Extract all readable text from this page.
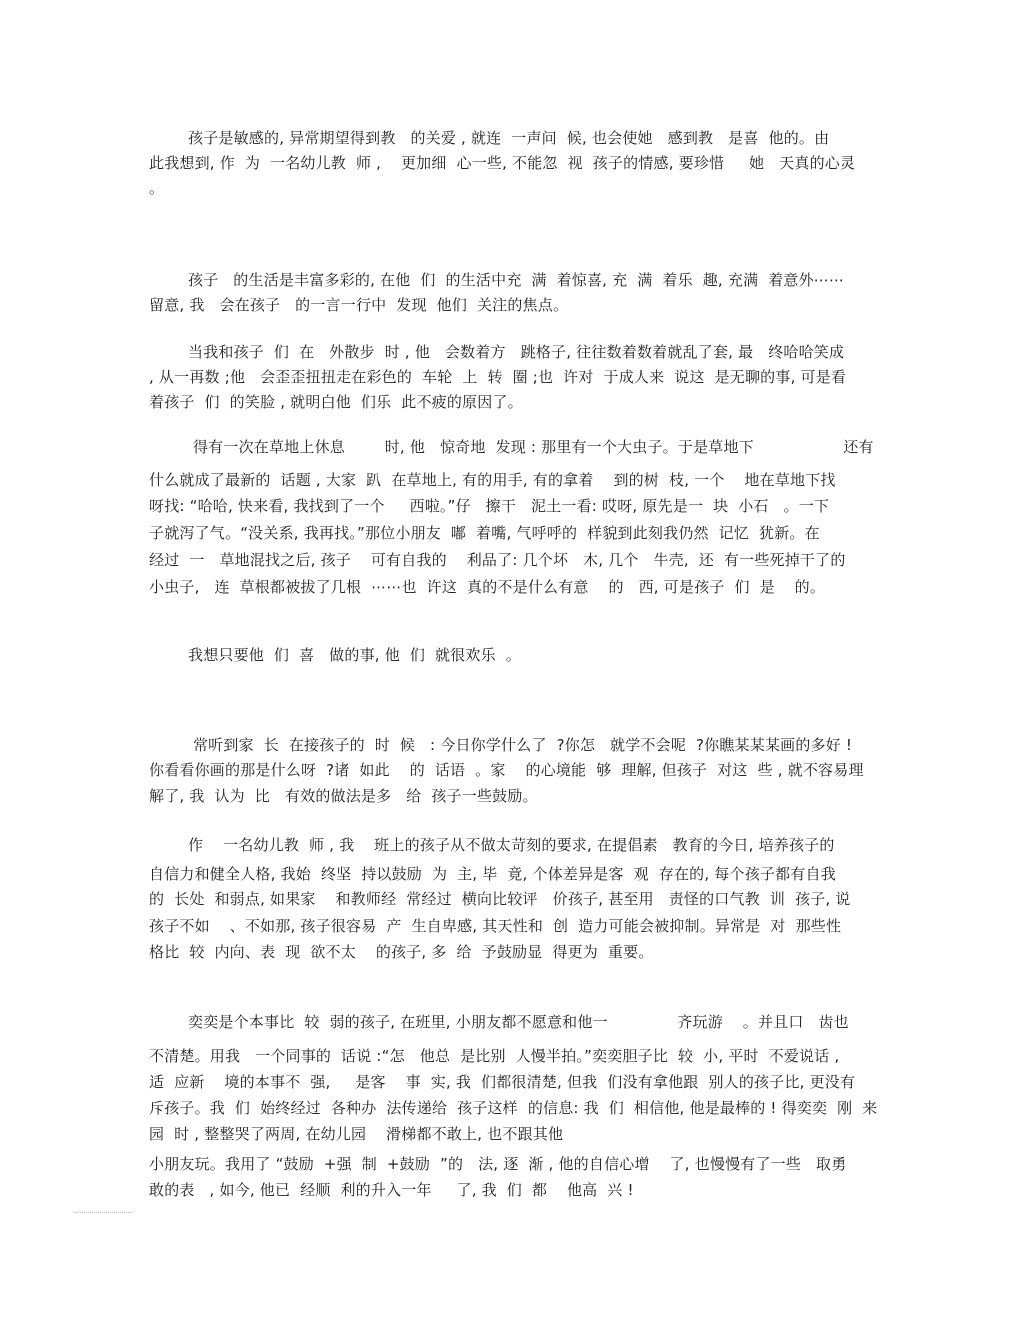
孩子是敏感的, 异常期望得到教   的关爱 , 就连  一声问  候, 也会使她   感到教   是喜  他的。由
此我想到, 作  为  一名幼儿教  师 ,    更加细  心一些, 不能忽  视  孩子的情感, 要珍惜     她   天真的心灵
。
孩子   的生活是丰富多彩的, 在他  们  的生活中充  满  着惊喜, 充  满  着乐  趣, 充满  着意外⋯⋯
留意, 我   会在孩子   的一言一行中  发现  他们  关注的焦点。
当我和孩子  们  在   外散步  时 , 他   会数着方   跳格子, 往往数着数着就乱了套, 最   终哈哈笑成
, 从一再数 ;他   会歪歪扭扭走在彩色的  车轮  上  转  圈 ;也  许对  于成人来  说这  是无聊的事, 可是看
着孩子  们  的笑脸 , 就明白他  们乐  此不疲的原因了。
得有一次在草地上休息        时, 他   惊奇地  发现 : 那里有一个大虫子。于是草地下                  还有
什么就成了最新的  话题 , 大家  趴  在草地上, 有的用手, 有的拿着    到的树  枝, 一个    地在草地下找
呀找: “哈哈, 快来看, 我找到了一个     西啦。”仔   擦干   泥土一看: 哎呀, 原先是一  块  小石   。一下
子就泻了气。“没关系, 我再找。”那位小朋友  嘟  着嘴, 气呼呼的  样貌到此刻我仍然  记忆  犹新。在
经过  一   草地混找之后, 孩子    可有自我的    利品了: 几个坏   木, 几个   牛壳,  还  有一些死掉干了的
小虫子,   连  草根都被拔了几根  ⋯⋯也  许这  真的不是什么有意    的   西, 可是孩子  们  是    的。
我想只要他  们  喜   做的事, 他  们  就很欢乐  。
常听到家  长  在接孩子的  时  候   : 今日你学什么了  ?你怎   就学不会呢  ?你瞧某某某画的多好 !
你看看你画的那是什么呀  ?诸  如此    的  话语  。家    的心境能  够  理解, 但孩子  对这  些 , 就不容易理
解了, 我  认为  比   有效的做法是多   给  孩子一些鼓励。
作    一名幼儿教  师 , 我    班上的孩子从不做太苛刻的要求, 在提倡素   教育的今日, 培养孩子的
自信力和健全人格, 我始  终坚  持以鼓励  为  主, 毕  竟, 个体差异是客  观  存在的, 每个孩子都有自我
的  长处  和弱点, 如果家    和教师经  常经过  横向比较评   价孩子, 甚至用   责怪的口气教  训  孩子, 说
孩子不如    、不如那, 孩子很容易  产  生自卑感, 其天性和  创  造力可能会被抑制。异常是  对  那些性
格比  较  内向、表  现  欲不太    的孩子, 多  给  予鼓励显  得更为  重要。
奕奕是个本事比  较  弱的孩子, 在班里, 小朋友都不愿意和他一              齐玩游    。并且口   齿也
不清楚。用我   一个同事的  话说 :“怎   他总  是比别  人慢半拍。”奕奕胆子比  较  小, 平时  不爱说话 ,
适  应新    境的本事不  强,     是客    事  实, 我  们都很清楚, 但我  们没有拿他跟  别人的孩子比, 更没有
斥孩子。我  们  始终经过  各种办  法传递给  孩子这样  的信息: 我  们  相信他, 他是最棒的 ! 得奕奕  刚  来
园  时 , 整整哭了两周, 在幼儿园    滑梯都不敢上, 也不跟其他
小朋友玩。我用了 “鼓励  +强  制  +鼓励  ”的   法, 逐  渐 , 他的自信心增    了, 也慢慢有了一些   取勇
敢的表   , 如今, 他已  经顺  利的升入一年     了, 我  们  都    他高  兴 !
